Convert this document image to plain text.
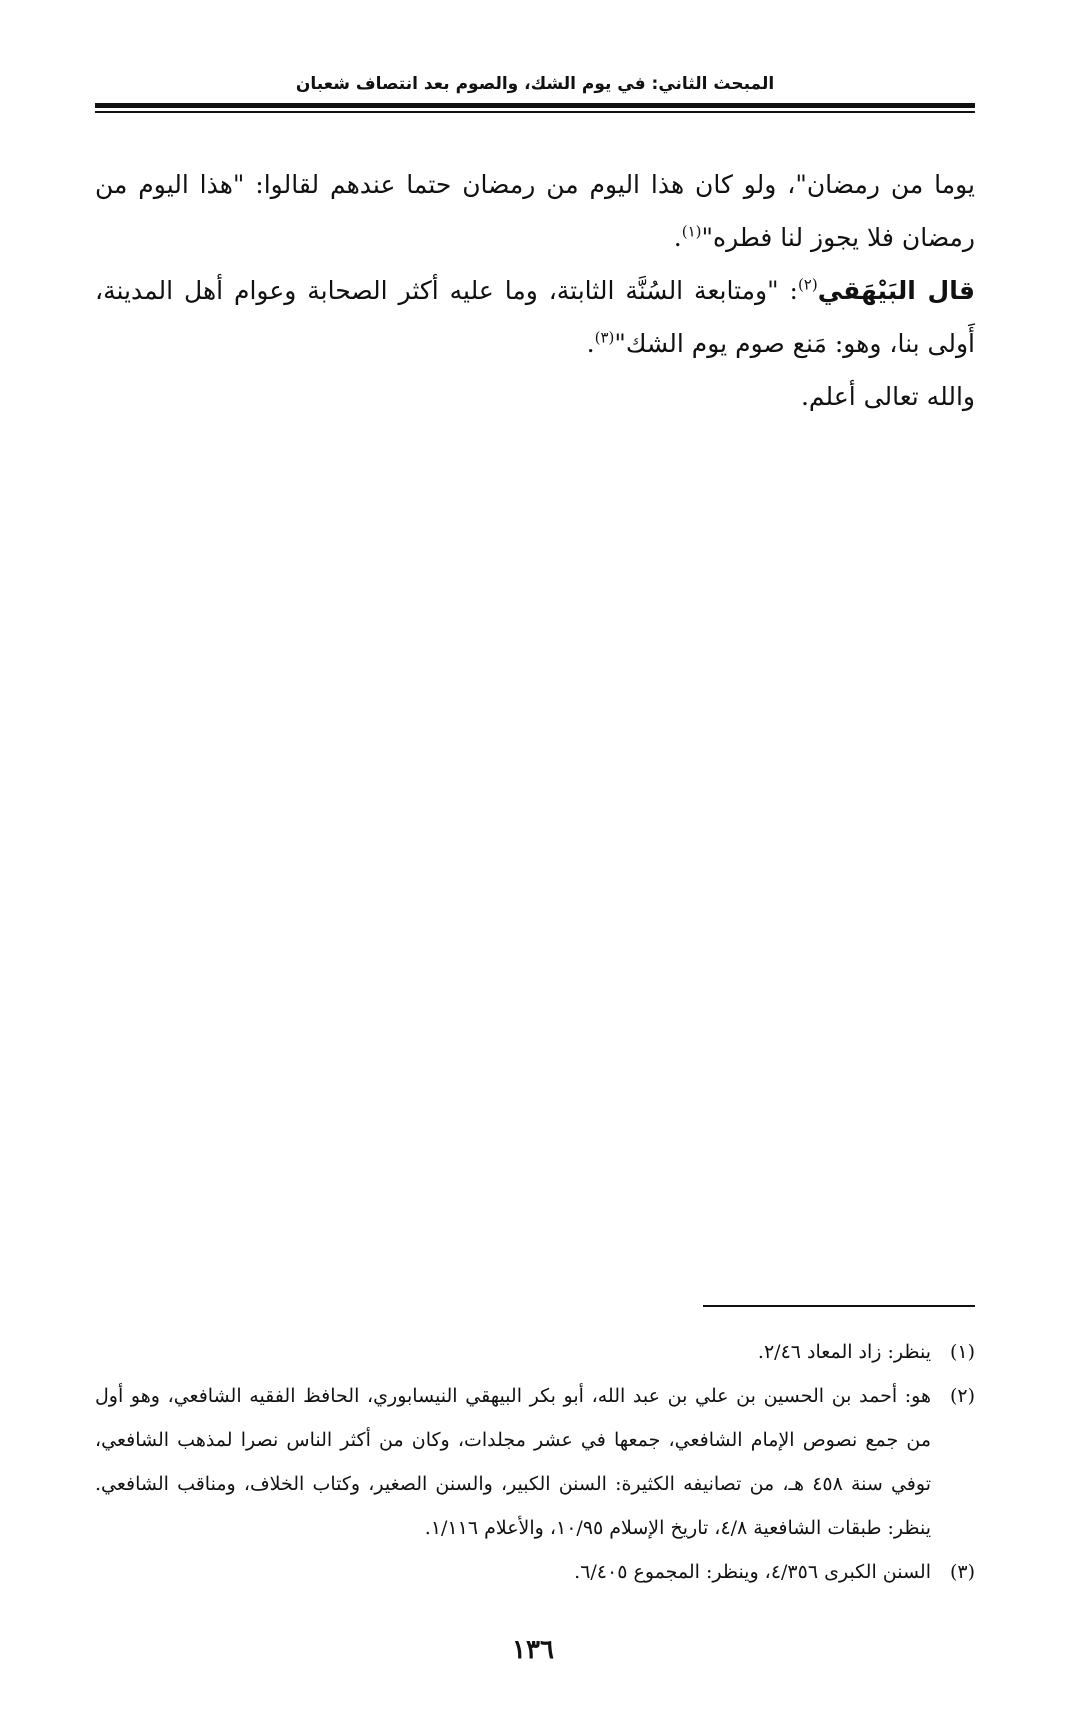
المبحث الثاني: في يوم الشك، والصوم بعد انتصاف شعبان

يوما من رمضان"، ولو كان هذا اليوم من رمضان حتما عندهم لقالوا: "هذا اليوم من رمضان فلا يجوز لنا فطره"$^{(١)}$.

قال البَيْهَقي$^{(٢)}$: "ومتابعة السُنَّة الثابتة، وما عليه أكثر الصحابة وعوام أهل المدينة، أَولى بنا، وهو: مَنع صوم يوم الشك"$^{(٣)}$.

والله تعالى أعلم.

(١)
ينظر: زاد المعاد ٢/٤٦.
(٢)
هو: أحمد بن الحسين بن علي بن عبد الله، أبو بكر البيهقي النيسابوري، الحافظ الفقيه الشافعي، وهو أول من جمع نصوص الإمام الشافعي، جمعها في عشر مجلدات، وكان من أكثر الناس نصرا لمذهب الشافعي، توفي سنة ٤٥٨ هـ، من تصانيفه الكثيرة: السنن الكبير، والسنن الصغير، وكتاب الخلاف، ومناقب الشافعي. ينظر: طبقات الشافعية ٤/٨، تاريخ الإسلام ١٠/٩٥، والأعلام ١/١١٦.
(٣)
السنن الكبرى ٤/٣٥٦، وينظر: المجموع ٦/٤٠٥.
١٣٦
